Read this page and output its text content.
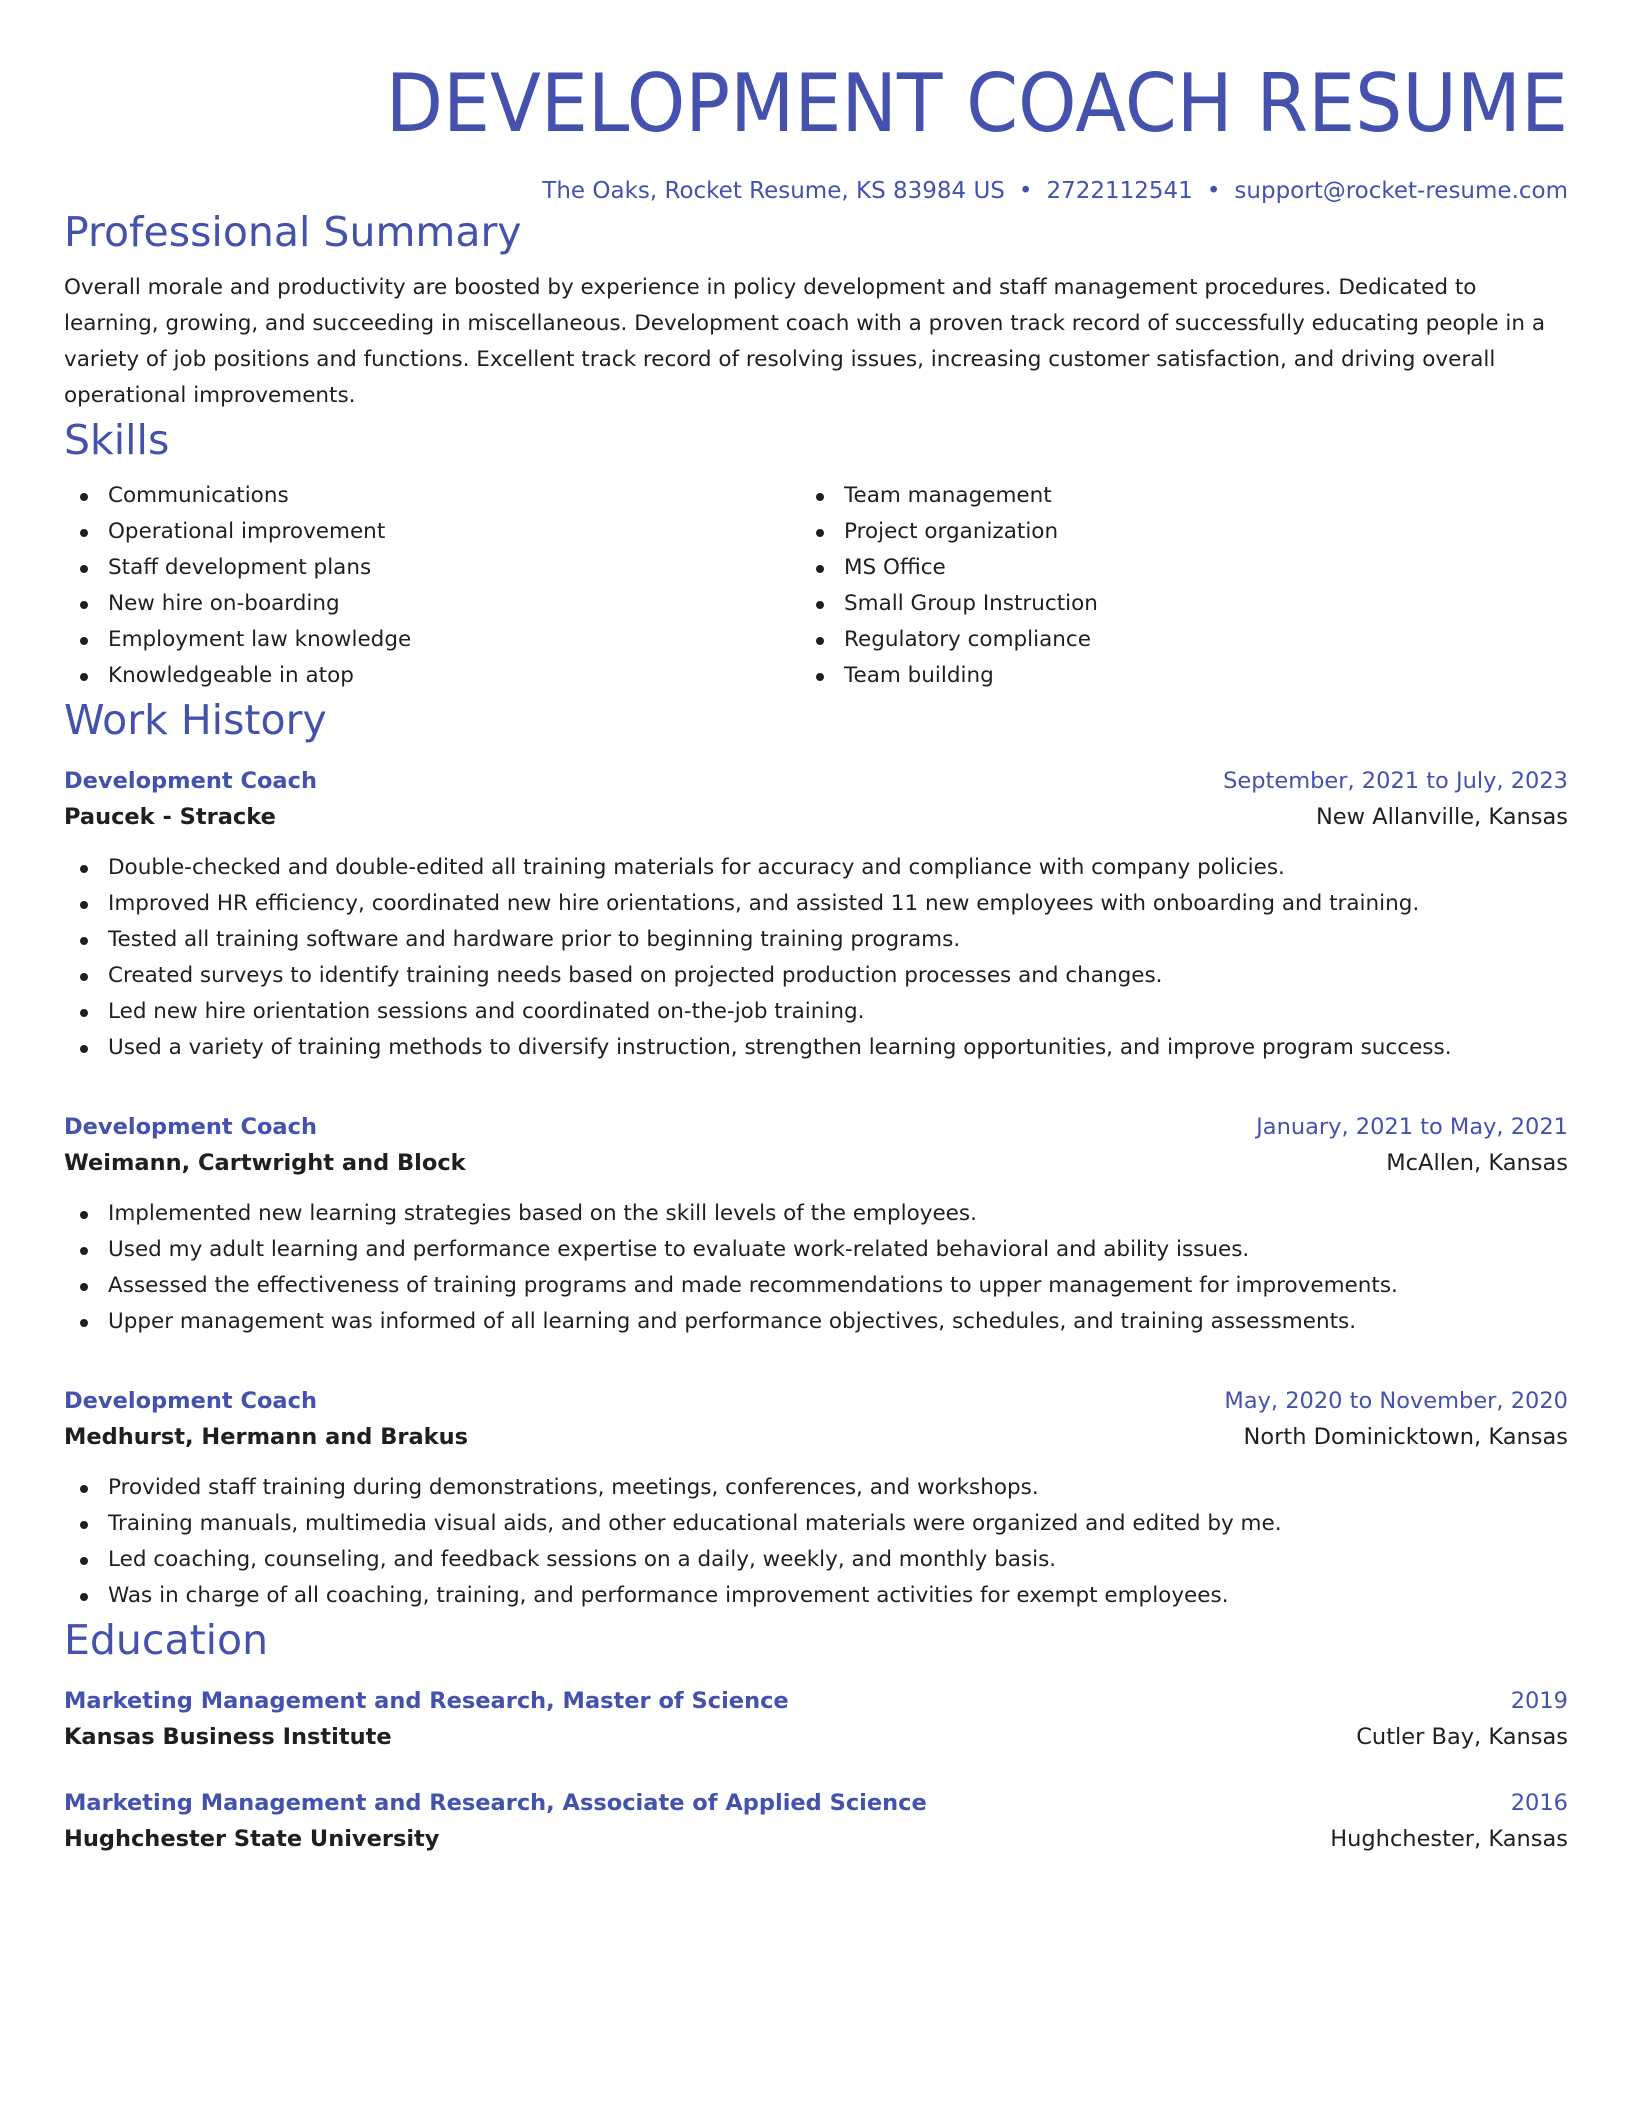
DEVELOPMENT COACH RESUME
The Oaks, Rocket Resume, KS 83984 US • 2722112541 • support@rocket-resume.com
Professional Summary
Overall morale and productivity are boosted by experience in policy development and staff management procedures. Dedicated to learning, growing, and succeeding in miscellaneous. Development coach with a proven track record of successfully educating people in a variety of job positions and functions. Excellent track record of resolving issues, increasing customer satisfaction, and driving overall operational improvements.
Skills
Communications
Operational improvement
Staff development plans
New hire on-boarding
Employment law knowledge
Knowledgeable in atop
Team management
Project organization
MS Office
Small Group Instruction
Regulatory compliance
Team building
Work History
Development Coach	September, 2021 to July, 2023
Paucek - Stracke	New Allanville, Kansas
Double-checked and double-edited all training materials for accuracy and compliance with company policies.
Improved HR efficiency, coordinated new hire orientations, and assisted 11 new employees with onboarding and training.
Tested all training software and hardware prior to beginning training programs.
Created surveys to identify training needs based on projected production processes and changes.
Led new hire orientation sessions and coordinated on-the-job training.
Used a variety of training methods to diversify instruction, strengthen learning opportunities, and improve program success.
Development Coach	January, 2021 to May, 2021
Weimann, Cartwright and Block	McAllen, Kansas
Implemented new learning strategies based on the skill levels of the employees.
Used my adult learning and performance expertise to evaluate work-related behavioral and ability issues.
Assessed the effectiveness of training programs and made recommendations to upper management for improvements.
Upper management was informed of all learning and performance objectives, schedules, and training assessments.
Development Coach	May, 2020 to November, 2020
Medhurst, Hermann and Brakus	North Dominicktown, Kansas
Provided staff training during demonstrations, meetings, conferences, and workshops.
Training manuals, multimedia visual aids, and other educational materials were organized and edited by me.
Led coaching, counseling, and feedback sessions on a daily, weekly, and monthly basis.
Was in charge of all coaching, training, and performance improvement activities for exempt employees.
Education
Marketing Management and Research, Master of Science	2019
Kansas Business Institute	Cutler Bay, Kansas
Marketing Management and Research, Associate of Applied Science	2016
Hughchester State University	Hughchester, Kansas
